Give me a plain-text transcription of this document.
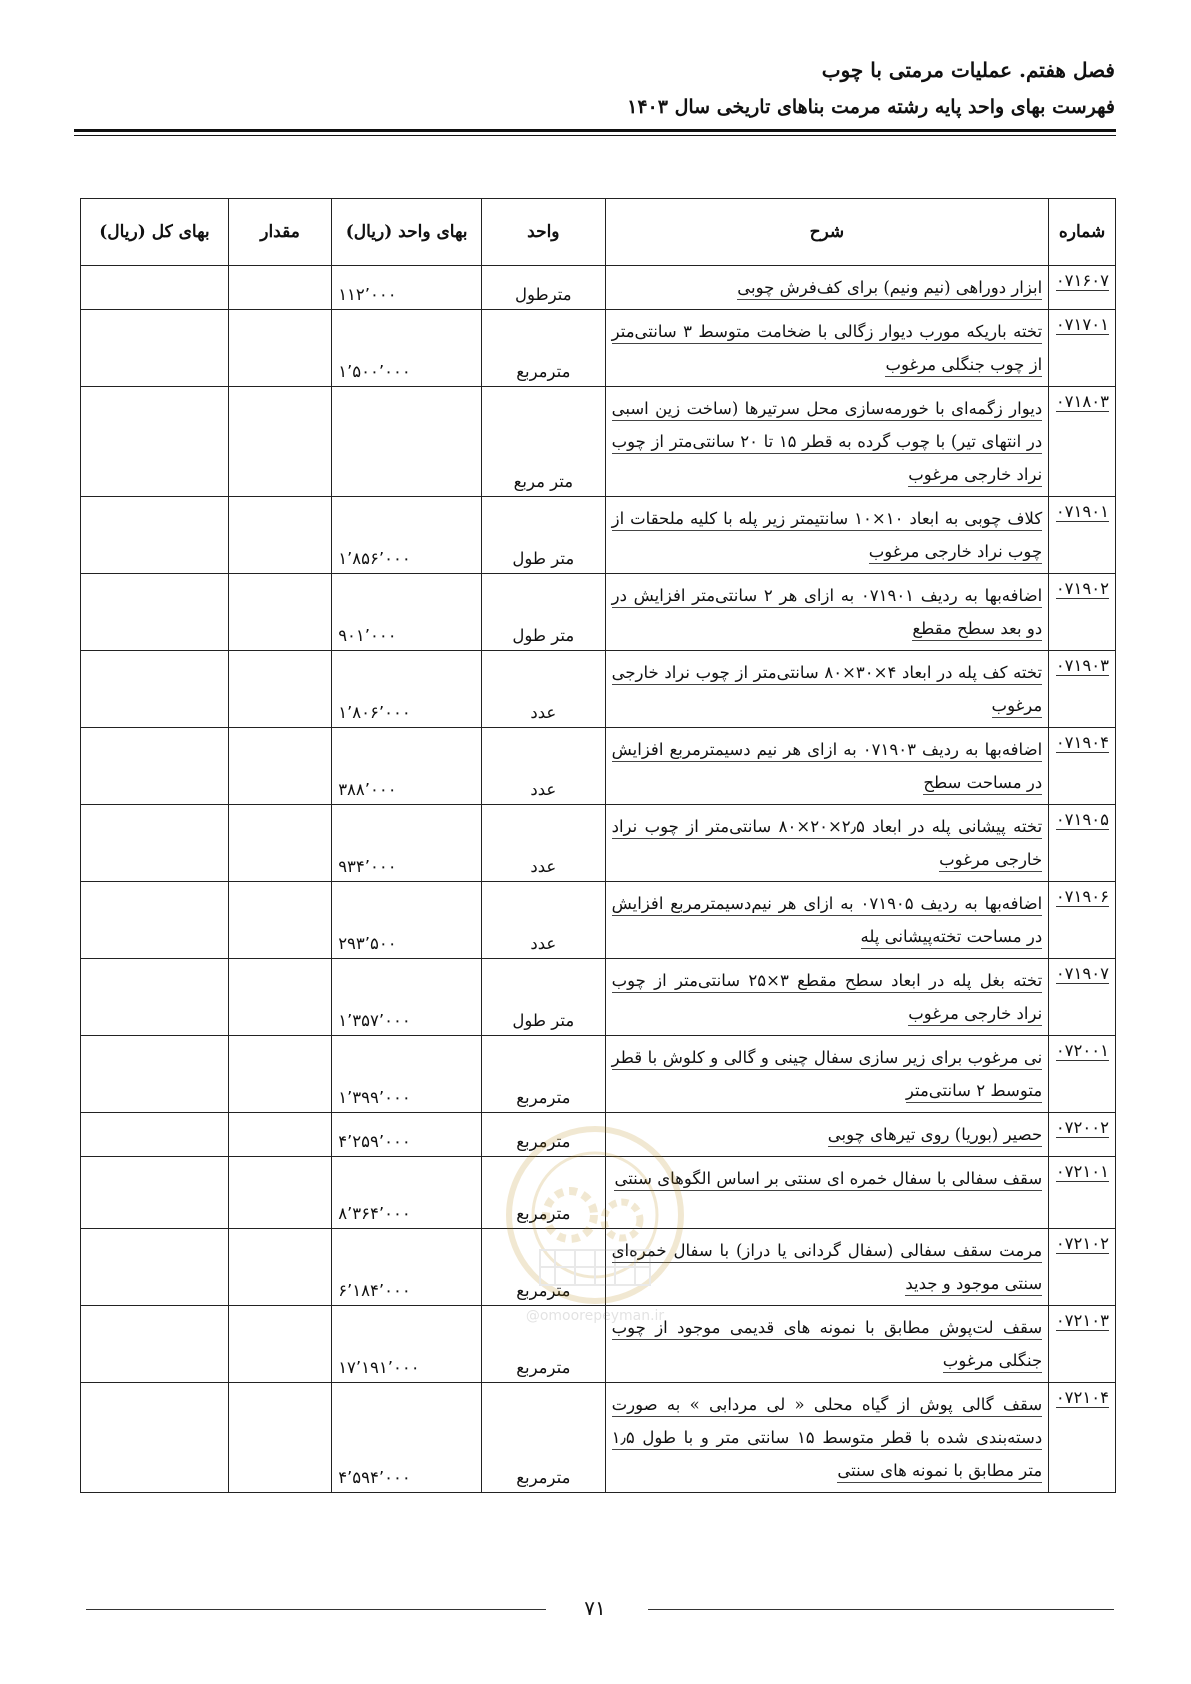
فصل هفتم. عملیات مرمتی با چوب
فهرست بهای واحد پایه رشته مرمت بناهای تاریخی سال ۱۴۰۳
شماره	شرح	واحد	بهای واحد (ریال)	مقدار	بهای کل (ریال)
۰۷۱۶۰۷	ابزار دوراهی (نیم ونیم) برای کف‌فرش چوبی	مترطول	۱۱۲٬۰۰۰		
۰۷۱۷۰۱	تخته باریکه مورب دیوار زگالی با ضخامت متوسط ۳ سانتی‌متر از چوب جنگلی مرغوب	مترمربع	۱٬۵۰۰٬۰۰۰		
۰۷۱۸۰۳	دیوار زگمه‌ای با خورمه‌سازی محل سرتیرها (ساخت زین اسبی در انتهای تیر) با چوب گرده به قطر ۱۵ تا ۲۰ سانتی‌متر از چوب نراد خارجی مرغوب	متر مربع			
۰۷۱۹۰۱	کلاف چوبی به ابعاد ۱۰×۱۰ سانتیمتر زیر پله با کلیه ملحقات از چوب نراد خارجی مرغوب	متر طول	۱٬۸۵۶٬۰۰۰		
۰۷۱۹۰۲	اضافه‌بها به ردیف ۰۷۱۹۰۱ به ازای هر ۲ سانتی‌متر افزایش در دو بعد سطح مقطع	متر طول	۹۰۱٬۰۰۰		
۰۷۱۹۰۳	تخته کف پله در ابعاد ۴×۳۰×۸۰ سانتی‌متر از چوب نراد خارجی مرغوب	عدد	۱٬۸۰۶٬۰۰۰		
۰۷۱۹۰۴	اضافه‌بها به ردیف ۰۷۱۹۰۳ به ازای هر نیم دسیمترمربع افزایش در مساحت سطح	عدد	۳۸۸٬۰۰۰		
۰۷۱۹۰۵	تخته پیشانی پله در ابعاد ۲٫۵×۲۰×۸۰ سانتی‌متر از چوب نراد خارجی مرغوب	عدد	۹۳۴٬۰۰۰		
۰۷۱۹۰۶	اضافه‌بها به ردیف ۰۷۱۹۰۵ به ازای هر نیم‌دسیمترمربع افزایش در مساحت تخته‌پیشانی پله	عدد	۲۹۳٬۵۰۰		
۰۷۱۹۰۷	تخته بغل پله در ابعاد سطح مقطع ۳×۲۵ سانتی‌متر از چوب نراد خارجی مرغوب	متر طول	۱٬۳۵۷٬۰۰۰		
۰۷۲۰۰۱	نی مرغوب برای زیر سازی سفال چینی و گالی و کلوش با قطر متوسط ۲ سانتی‌متر	مترمربع	۱٬۳۹۹٬۰۰۰		
۰۷۲۰۰۲	حصیر (بوریا) روی تیرهای چوبی	مترمربع	۴٬۲۵۹٬۰۰۰		
۰۷۲۱۰۱	سقف سفالی با سفال خمره ای سنتی بر اساس الگوهای سنتی	مترمربع	۸٬۳۶۴٬۰۰۰		
۰۷۲۱۰۲	مرمت سقف سفالی (سفال گردانی یا دراز) با سفال خمره‌ای سنتی موجود و جدید	مترمربع	۶٬۱۸۴٬۰۰۰		
۰۷۲۱۰۳	سقف لت‌پوش مطابق با نمونه های قدیمی موجود از چوب جنگلی مرغوب	مترمربع	۱۷٬۱۹۱٬۰۰۰		
۰۷۲۱۰۴	سقف گالی پوش از گیاه محلی « لی مردابی » به صورت دسته‌بندی شده با قطر متوسط ۱۵ سانتی متر و با طول ۱٫۵ متر مطابق با نمونه های سنتی	مترمربع	۴٬۵۹۴٬۰۰۰		
@omoorepeyman.ir
۷۱
